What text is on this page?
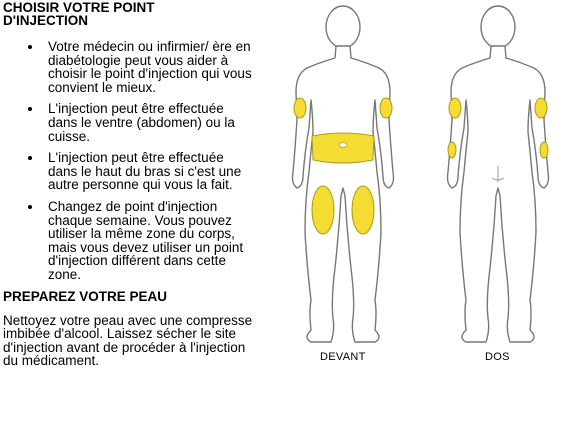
CHOISIR VOTRE POINT
D'INJECTION
Votre médecin ou infirmier/ ère en diabétologie peut vous aider à choisir le point d'injection qui vous convient le mieux.
L'injection peut être effectuée dans le ventre (abdomen) ou la cuisse.
L'injection peut être effectuée dans le haut du bras si c'est une autre personne qui vous la fait.
Changez de point d'injection chaque semaine. Vous pouvez utiliser la même zone du corps, mais vous devez utiliser un point d'injection différent dans cette zone.
PREPAREZ VOTRE PEAU

Nettoyez votre peau avec une compresse imbibée d'alcool. Laissez sécher le site d'injection avant de procéder à l'injection du médicament.	DEVANT	DOS
